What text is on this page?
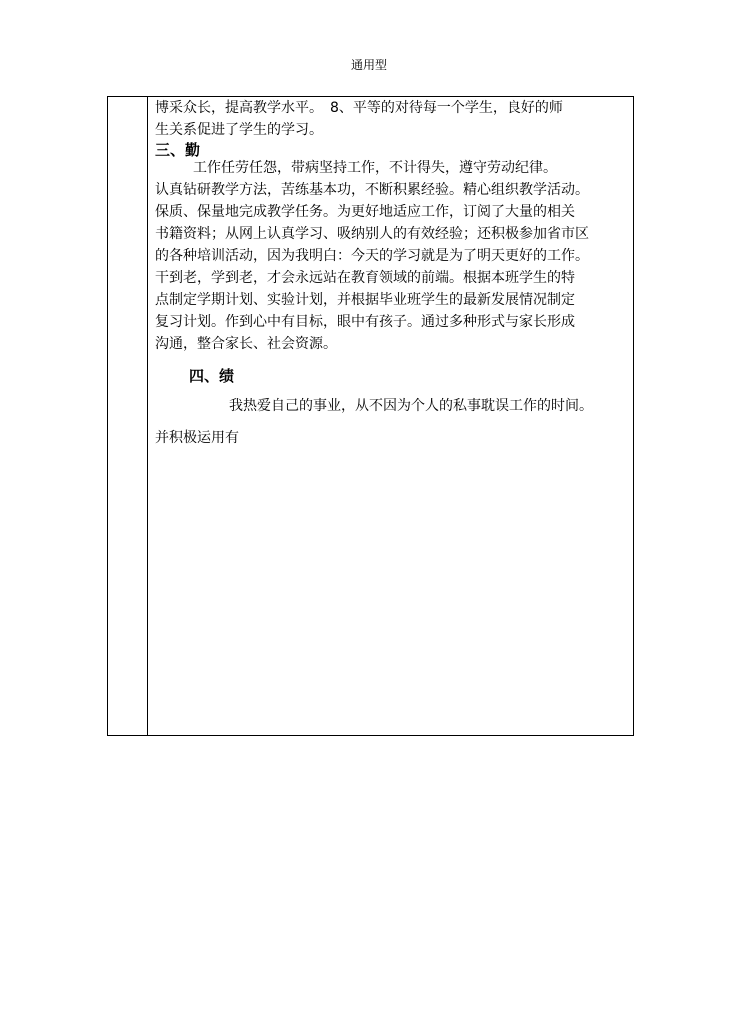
通用型
博采众长，提高教学水平。　8、平等的对待每一个学生，良好的师
生关系促进了学生的学习。
三、勤
　　工作任劳任怨，带病坚持工作，不计得失，遵守劳动纪律。
认真钻研教学方法，苦练基本功，不断积累经验。精心组织教学活动。
保质、保量地完成教学任务。为更好地适应工作，订阅了大量的相关
书籍资料；从网上认真学习、吸纳别人的有效经验；还积极参加省市区
的各种培训活动，因为我明白：今天的学习就是为了明天更好的工作。
干到老，学到老，才会永远站在教育领域的前端。根据本班学生的特
点制定学期计划、实验计划，并根据毕业班学生的最新发展情况制定
复习计划。作到心中有目标，眼中有孩子。通过多种形式与家长形成
沟通，整合家长、社会资源。
四、绩
我热爱自己的事业，从不因为个人的私事耽误工作的时间。
并积极运用有
